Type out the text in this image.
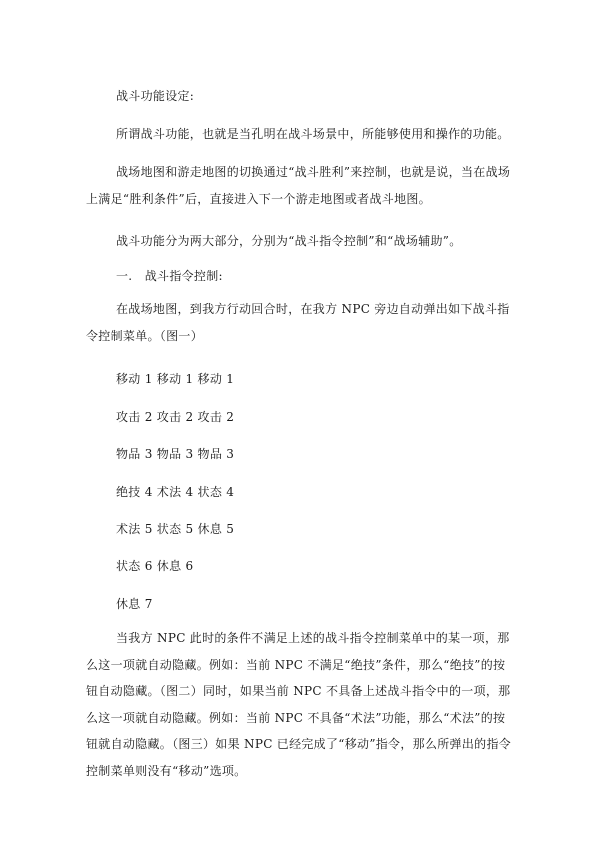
战斗功能设定:
所谓战斗功能，也就是当孔明在战斗场景中，所能够使用和操作的功能。
战场地图和游走地图的切换通过“战斗胜利”来控制，也就是说，当在战场上满足“胜利条件”后，直接进入下一个游走地图或者战斗地图。
战斗功能分为两大部分，分别为“战斗指令控制”和“战场辅助”。
一.　战斗指令控制:
在战场地图，到我方行动回合时，在我方 NPC 旁边自动弹出如下战斗指令控制菜单。（图一）
移动 1 移动 1 移动 1
攻击 2 攻击 2 攻击 2
物品 3 物品 3 物品 3
绝技 4 术法 4 状态 4
术法 5 状态 5 休息 5
状态 6 休息 6
休息 7
当我方 NPC 此时的条件不满足上述的战斗指令控制菜单中的某一项，那么这一项就自动隐藏。例如：当前 NPC 不满足“绝技”条件，那么“绝技”的按钮自动隐藏。（图二）同时，如果当前 NPC 不具备上述战斗指令中的一项，那么这一项就自动隐藏。例如：当前 NPC 不具备“术法”功能，那么“术法”的按钮就自动隐藏。（图三）如果 NPC 已经完成了“移动”指令，那么所弹出的指令控制菜单则没有“移动”选项。
